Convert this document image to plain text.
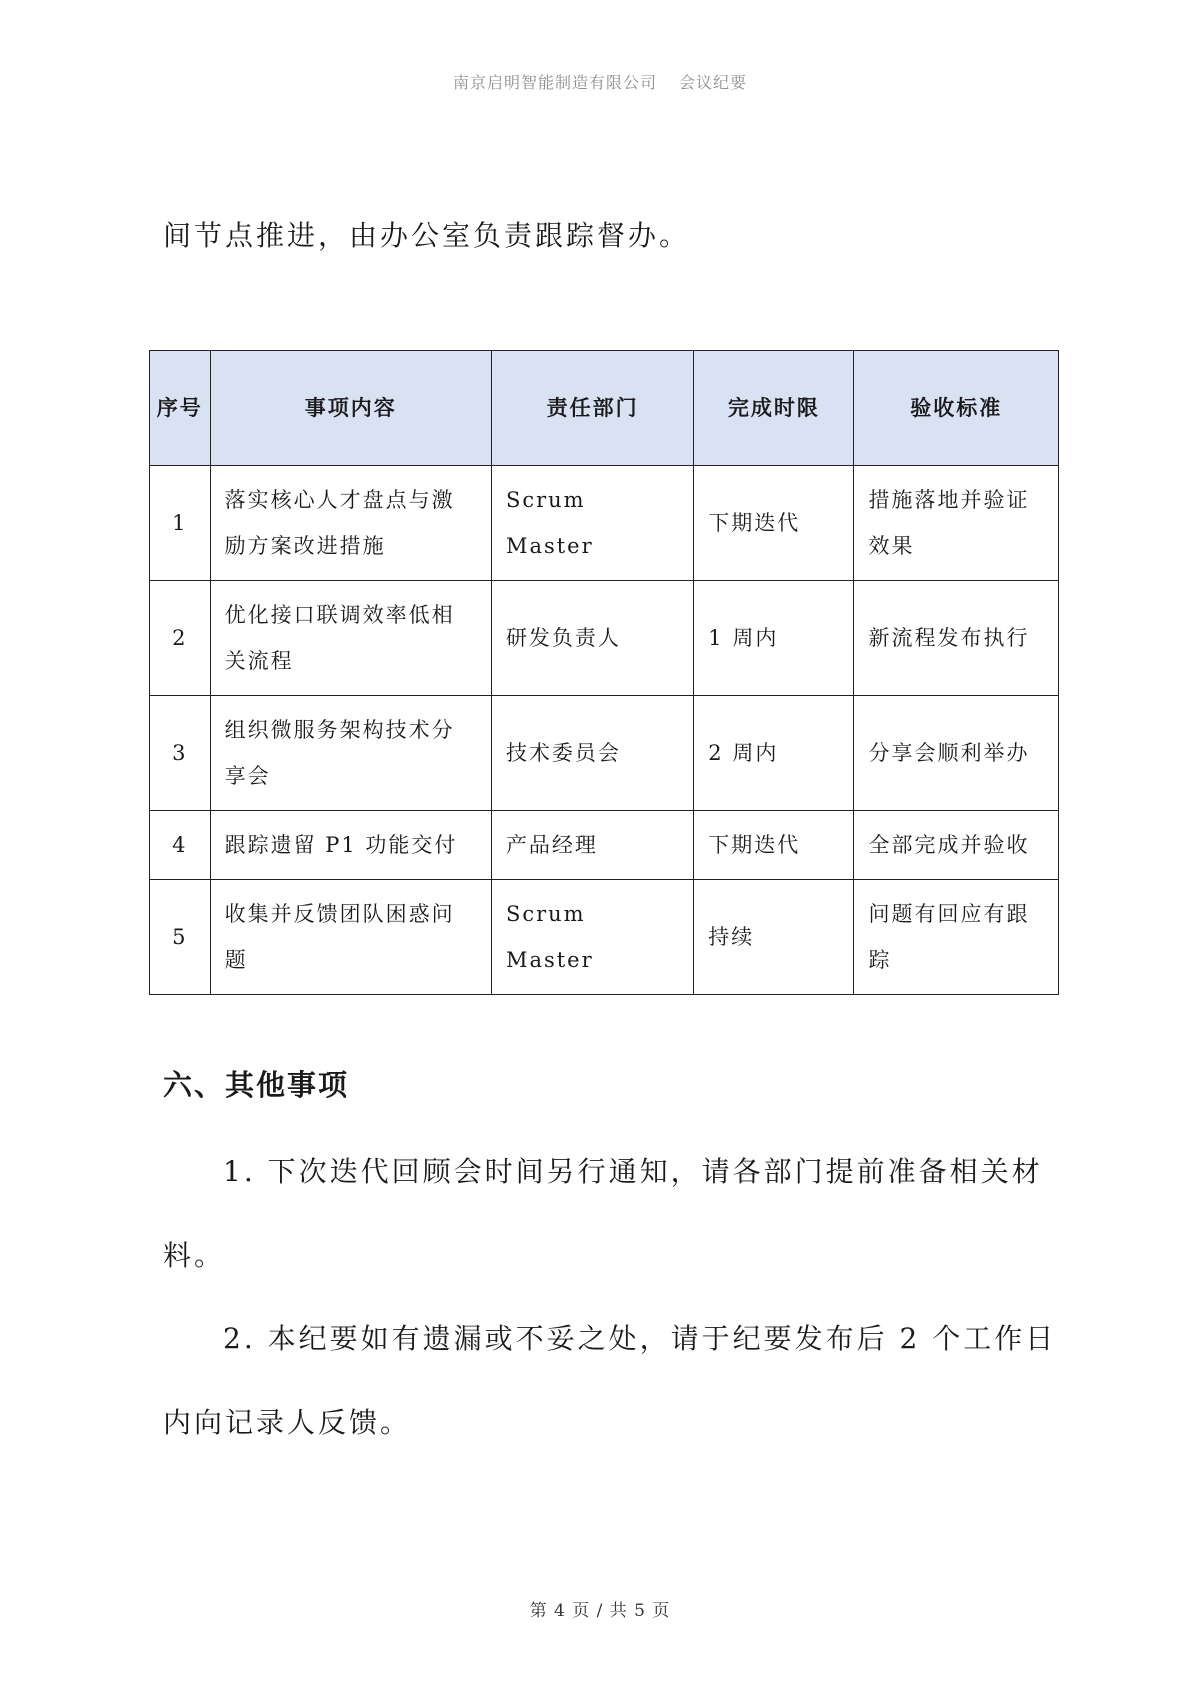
南京启明智能制造有限公司 会议纪要
间节点推进，由办公室负责跟踪督办。
序号	事项内容	责任部门	完成时限	验收标准
1	落实核心人才盘点与激励方案改进措施	Scrum Master	下期迭代	措施落地并验证效果
2	优化接口联调效率低相关流程	研发负责人	1 周内	新流程发布执行
3	组织微服务架构技术分享会	技术委员会	2 周内	分享会顺利举办
4	跟踪遗留 P1 功能交付	产品经理	下期迭代	全部完成并验收
5	收集并反馈团队困惑问题	Scrum Master	持续	问题有回应有跟踪
六、其他事项
1. 下次迭代回顾会时间另行通知，请各部门提前准备相关材料。
2. 本纪要如有遗漏或不妥之处，请于纪要发布后 2 个工作日内向记录人反馈。
第 4 页 / 共 5 页
